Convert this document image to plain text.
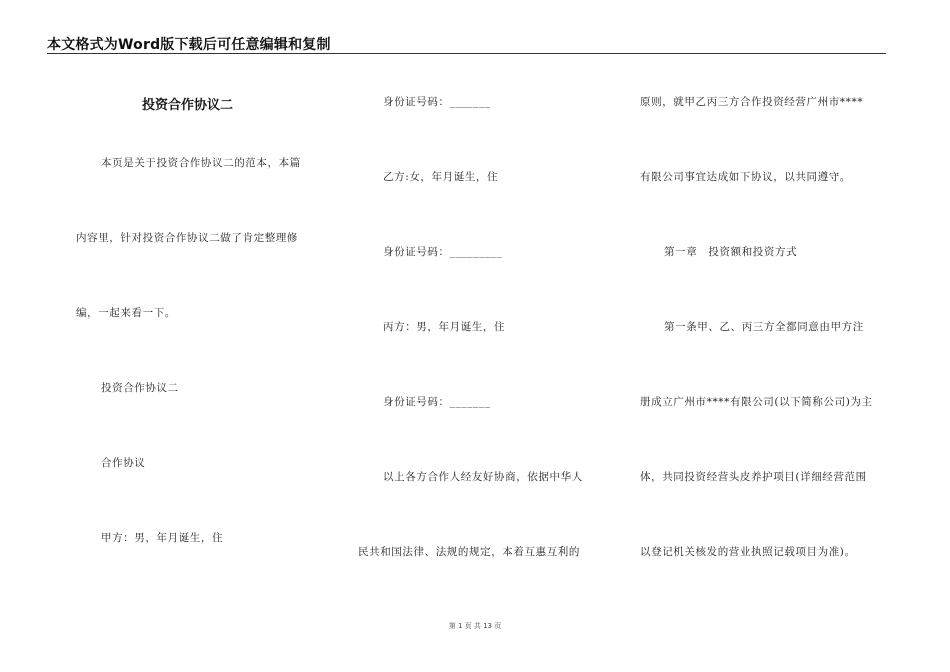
本文格式为Word版下载后可任意编辑和复制
投资合作协议二
本页是关于投资合作协议二的范本，本篇
内容里，针对投资合作协议二做了肯定整理修
编，一起来看一下。
投资合作协议二
合作协议
甲方：男，年月诞生，住
身份证号码：_______
乙方:女，年月诞生，住
身份证号码：_________
丙方：男，年月诞生，住
身份证号码：_______
以上各方合作人经友好协商，依据中华人
民共和国法律、法规的规定，本着互惠互利的
原则，就甲乙丙三方合作投资经营广州市****
有限公司事宜达成如下协议，以共同遵守。
第一章　投资额和投资方式
第一条甲、乙、丙三方全都同意由甲方注
册成立广州市****有限公司(以下简称公司)为主
体，共同投资经营头皮养护项目(详细经营范围
以登记机关核发的营业执照记载项目为准)。
第 1 页 共 13 页
